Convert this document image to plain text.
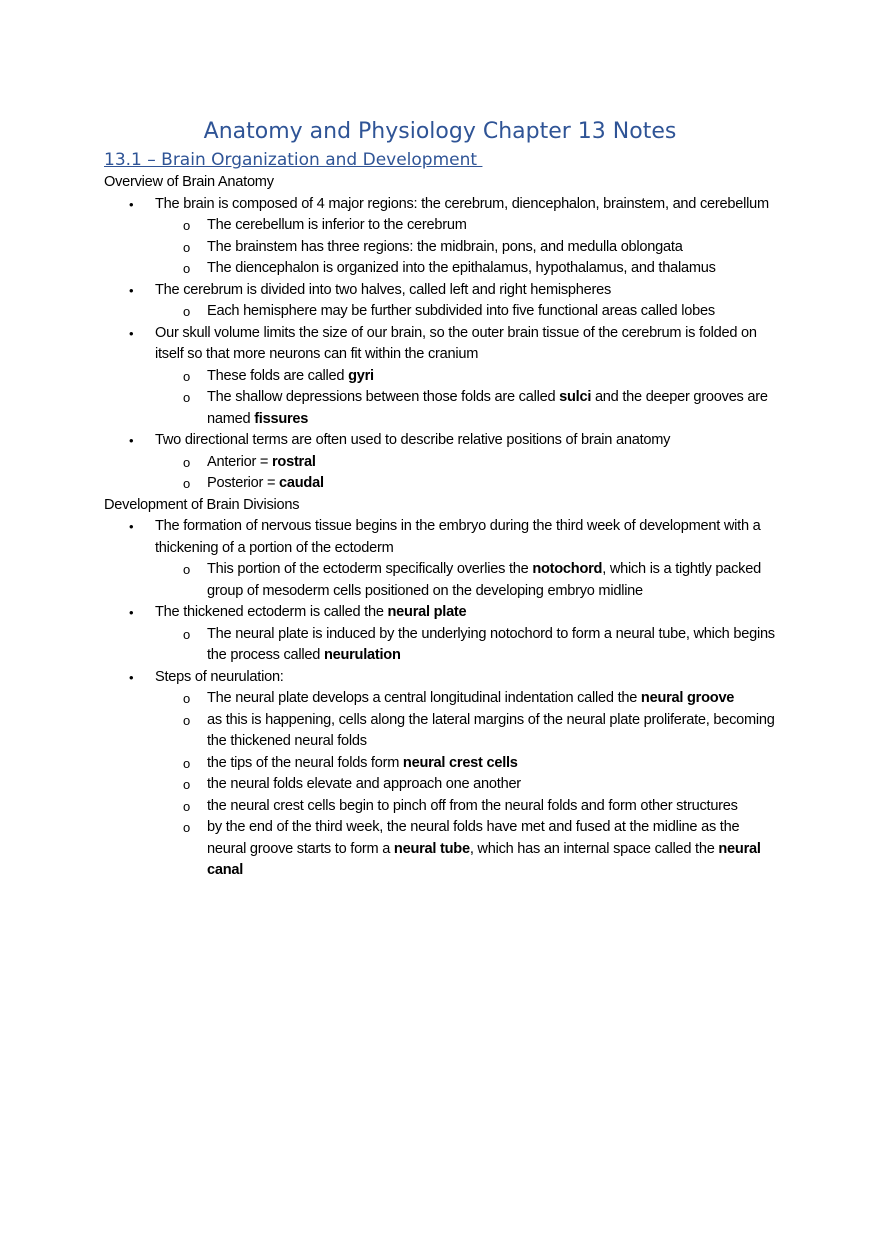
Anatomy and Physiology Chapter 13 Notes
13.1 – Brain Organization and Development
Overview of Brain Anatomy
• The brain is composed of 4 major regions: the cerebrum, diencephalon, brainstem, and cerebellum
o The cerebellum is inferior to the cerebrum
o The brainstem has three regions: the midbrain, pons, and medulla oblongata
o The diencephalon is organized into the epithalamus, hypothalamus, and thalamus
• The cerebrum is divided into two halves, called left and right hemispheres
o Each hemisphere may be further subdivided into five functional areas called lobes
• Our skull volume limits the size of our brain, so the outer brain tissue of the cerebrum is folded on itself so that more neurons can fit within the cranium
o These folds are called gyri
o The shallow depressions between those folds are called sulci and the deeper grooves are named fissures
• Two directional terms are often used to describe relative positions of brain anatomy
o Anterior = rostral
o Posterior = caudal
Development of Brain Divisions
• The formation of nervous tissue begins in the embryo during the third week of development with a thickening of a portion of the ectoderm
o This portion of the ectoderm specifically overlies the notochord, which is a tightly packed group of mesoderm cells positioned on the developing embryo midline
• The thickened ectoderm is called the neural plate
o The neural plate is induced by the underlying notochord to form a neural tube, which begins the process called neurulation
• Steps of neurulation:
o The neural plate develops a central longitudinal indentation called the neural groove
o as this is happening, cells along the lateral margins of the neural plate proliferate, becoming the thickened neural folds
o the tips of the neural folds form neural crest cells
o the neural folds elevate and approach one another
o the neural crest cells begin to pinch off from the neural folds and form other structures
o by the end of the third week, the neural folds have met and fused at the midline as the neural groove starts to form a neural tube, which has an internal space called the neural canal
